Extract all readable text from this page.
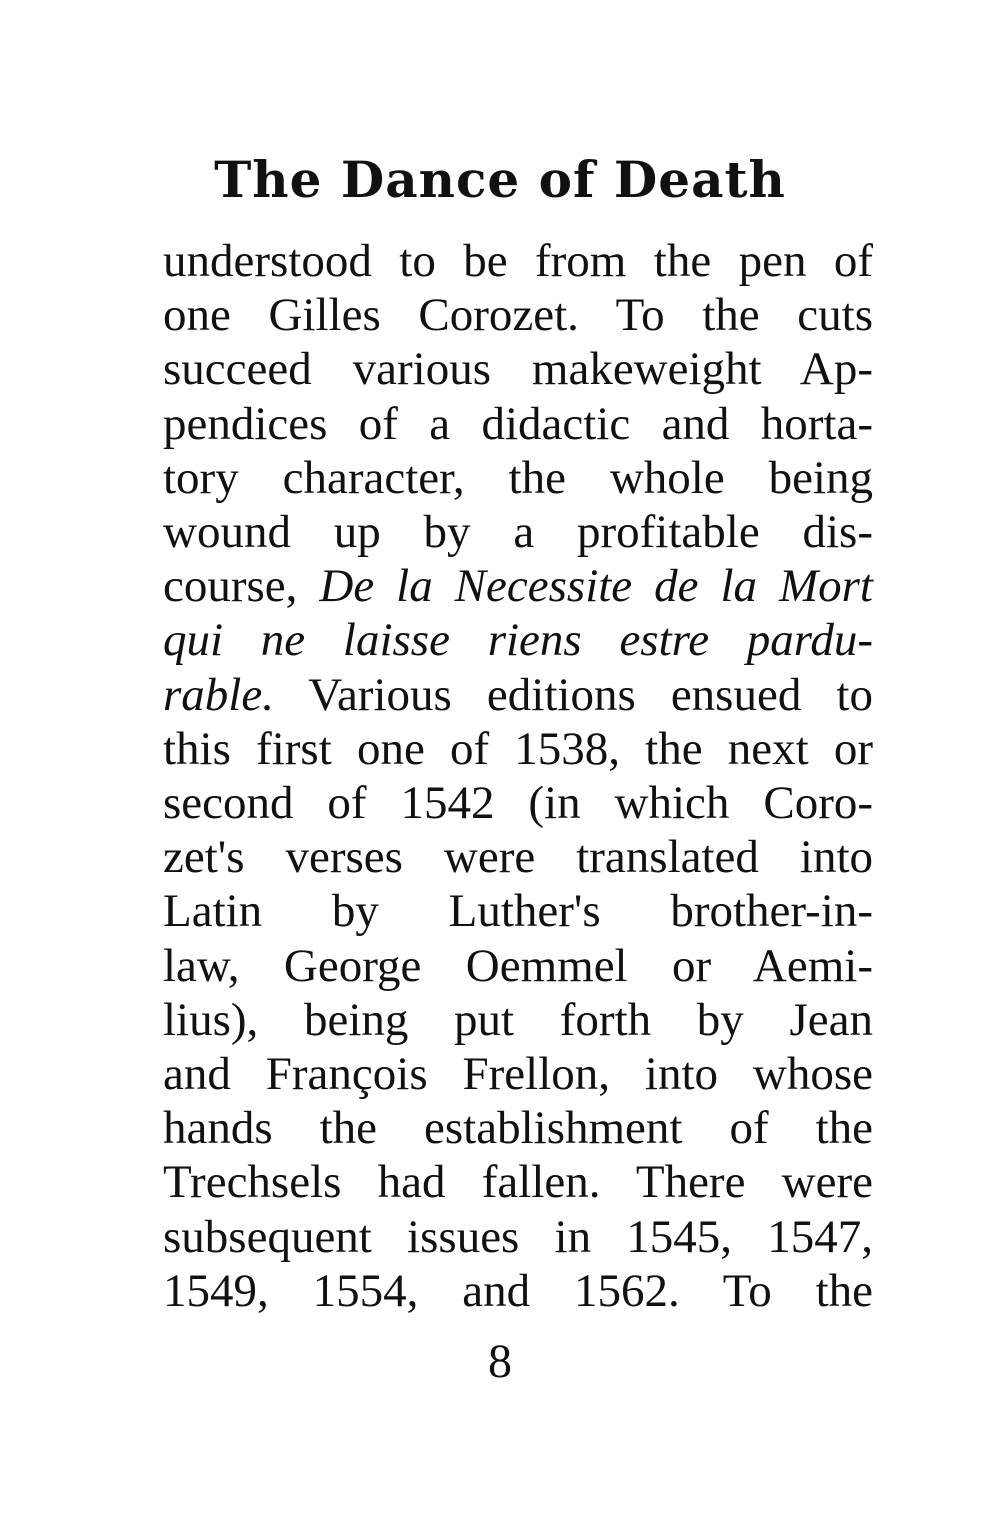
The Dance of Death
understood to be from the pen of
one Gilles Corozet. To the cuts
succeed various makeweight Ap-
pendices of a didactic and horta-
tory character, the whole being
wound up by a profitable dis-
course, De la Necessite de la Mort
qui ne laisse riens estre pardu-
rable. Various editions ensued to
this first one of 1538, the next or
second of 1542 (in which Coro-
zet's verses were translated into
Latin by Luther's brother-in-
law, George Oemmel or Aemi-
lius), being put forth by Jean
and François Frellon, into whose
hands the establishment of the
Trechsels had fallen. There were
subsequent issues in 1545, 1547,
1549, 1554, and 1562. To the
8
